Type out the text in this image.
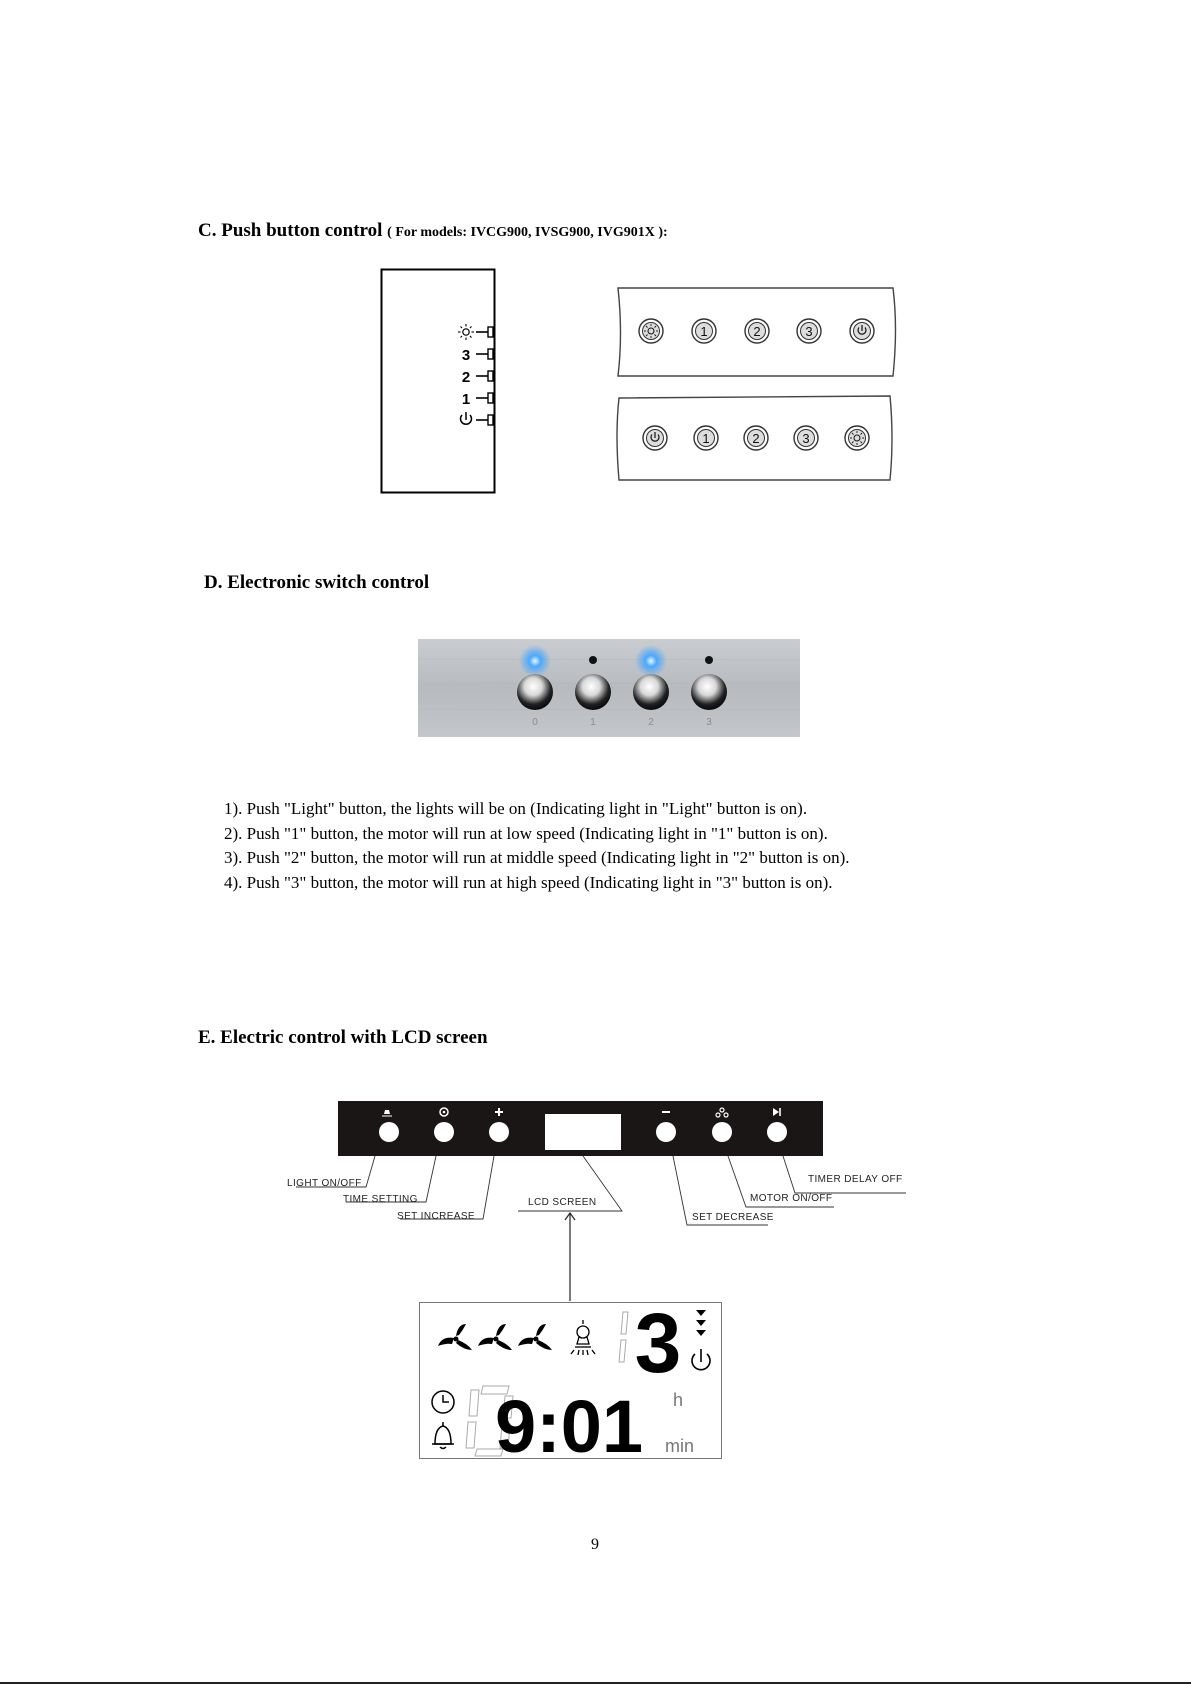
C. Push button control ( For models: IVCG900, IVSG900, IVG901X ):
3
2
1
1	2	3
1	2	3
D. Electronic switch control
0	1	2	3
1). Push "Light" button, the lights will be on (Indicating light in "Light" button is on).
2). Push "1" button, the motor will run at low speed (Indicating light in "1" button is on).
3). Push "2" button, the motor will run at middle speed (Indicating light in "2" button is on).
4). Push "3" button, the motor will run at high speed (Indicating light in "3" button is on).
E. Electric control with LCD screen
LIGHT ON/OFF
TIME SETTING
SET INCREASE
LCD SCREEN
SET DECREASE
MOTOR ON/OFF
TIMER DELAY OFF
3
9:01 h
min
9
